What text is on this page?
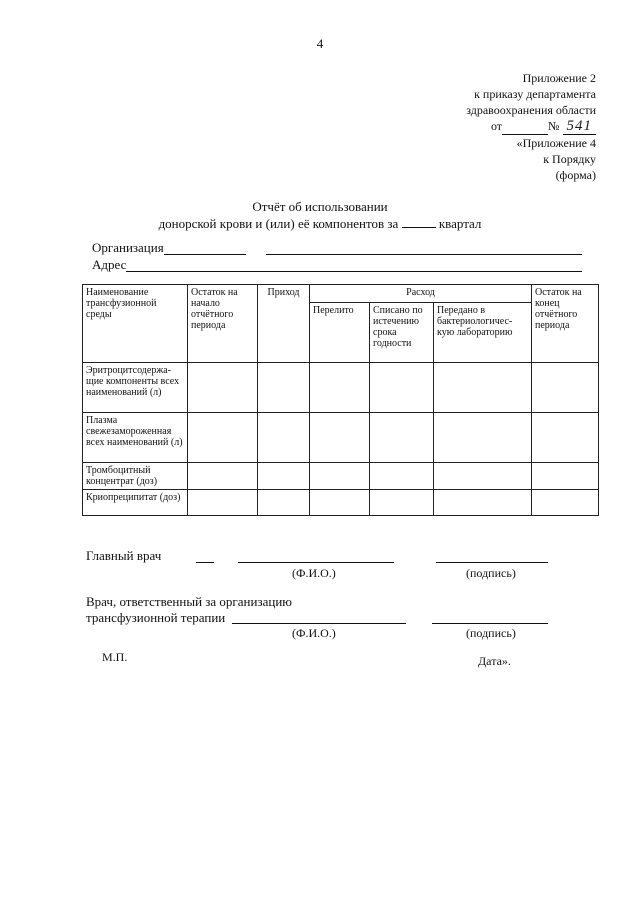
4
Приложение 2
к приказу департамента
здравоохранения области
от	№ 541
«Приложение 4
к Порядку
(форма)
Отчёт об использовании
донорской крови и (или) её компонентов за	квартал
Организация
Адрес
Наименование трансфузионной среды	Остаток на начало отчётного периода	Приход	Расход			Остаток на конец отчётного периода
			Перелито	Списано по истечению срока годности	Передано в бактериологичес-кую лабораторию	
Эритроцитсодержа-щие компоненты всех наименований (л)						
Плазма свежезамороженная всех наименований (л)						
Тромбоцитный концентрат (доз)						
Криопреципитат (доз)						
Главный врач
(Ф.И.О.)	(подпись)
Врач, ответственный за организацию
трансфузионной терапии
(Ф.И.О.)	(подпись)
М.П.	Дата».
